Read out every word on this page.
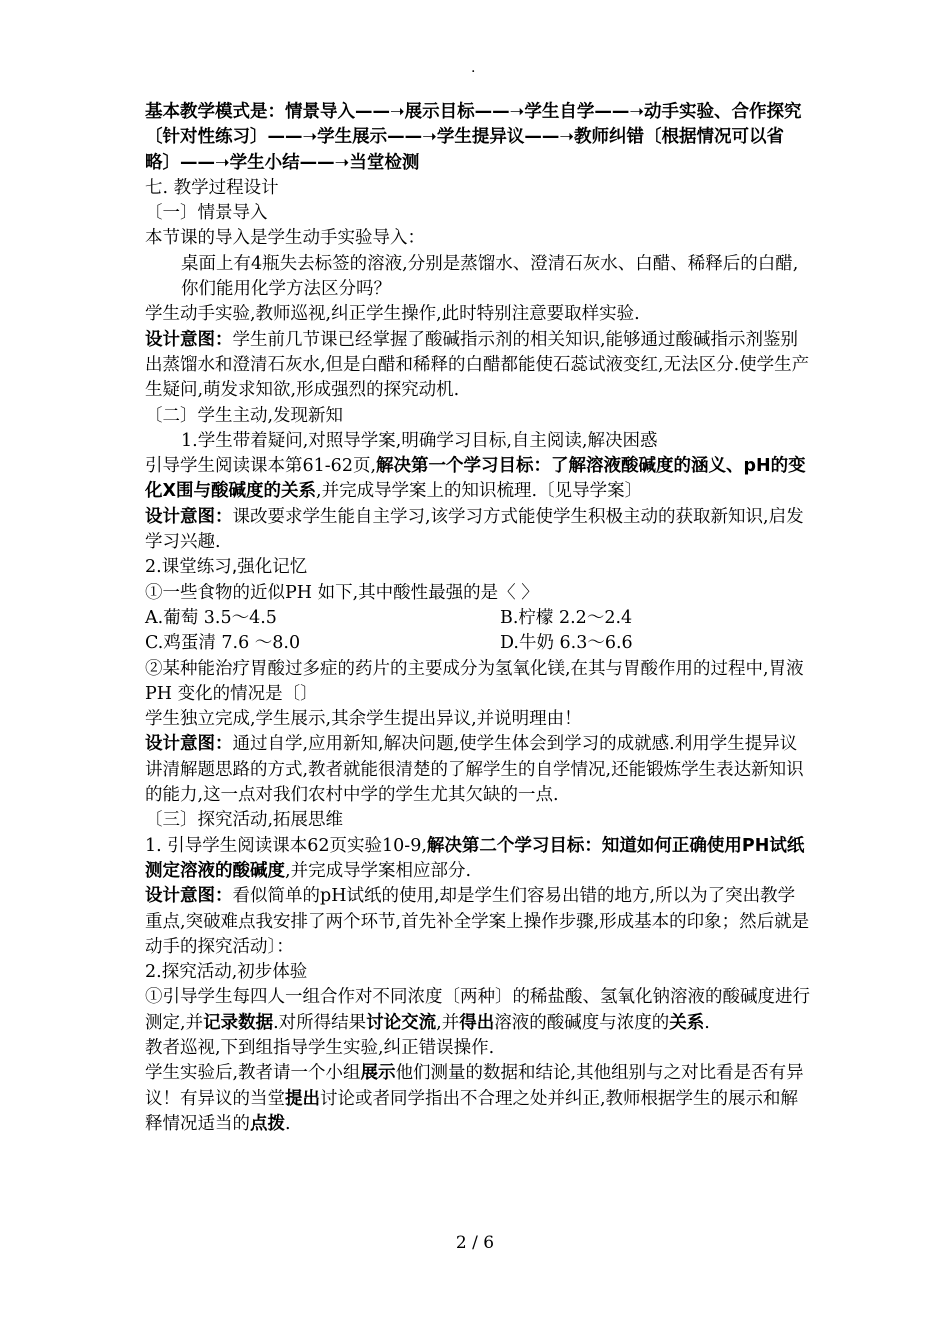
.
基本教学模式是：情景导入——➝展示目标——➝学生自学——➝动手实验、合作探究〔针对性练习〕——➝学生展示——➝学生提异议——➝教师纠错〔根据情况可以省略〕——➝学生小结——➝当堂检测
七. 教学过程设计
〔一〕情景导入
本节课的导入是学生动手实验导入：
桌面上有4瓶失去标签的溶液,分别是蒸馏水、澄清石灰水、白醋、稀释后的白醋,你们能用化学方法区分吗？
学生动手实验,教师巡视,纠正学生操作,此时特别注意要取样实验.
设计意图：学生前几节课已经掌握了酸碱指示剂的相关知识,能够通过酸碱指示剂鉴别出蒸馏水和澄清石灰水,但是白醋和稀释的白醋都能使石蕊试液变红,无法区分.使学生产生疑问,萌发求知欲,形成强烈的探究动机.
〔二〕学生主动,发现新知
1.学生带着疑问,对照导学案,明确学习目标,自主阅读,解决困惑
引导学生阅读课本第61-62页,解决第一个学习目标：了解溶液酸碱度的涵义、pH的变化X围与酸碱度的关系,并完成导学案上的知识梳理.〔见导学案〕
设计意图：课改要求学生能自主学习,该学习方式能使学生积极主动的获取新知识,启发学习兴趣.
2.课堂练习,强化记忆
①一些食物的近似PH 如下,其中酸性最强的是〈 〉
A.葡萄 3.5～4.5	B.柠檬 2.2～2.4
C.鸡蛋清 7.6 ～8.0	D.牛奶 6.3～6.6
②某种能治疗胃酸过多症的药片的主要成分为氢氧化镁,在其与胃酸作用的过程中,胃液PH 变化的情况是〔〕
学生独立完成,学生展示,其余学生提出异议,并说明理由！
设计意图：通过自学,应用新知,解决问题,使学生体会到学习的成就感.利用学生提异议讲清解题思路的方式,教者就能很清楚的了解学生的自学情况,还能锻炼学生表达新知识的能力,这一点对我们农村中学的学生尤其欠缺的一点.
〔三〕探究活动,拓展思维
1. 引导学生阅读课本62页实验10-9,解决第二个学习目标：知道如何正确使用PH试纸测定溶液的酸碱度,并完成导学案相应部分.
设计意图：看似简单的pH试纸的使用,却是学生们容易出错的地方,所以为了突出教学重点,突破难点我安排了两个环节,首先补全学案上操作步骤,形成基本的印象；然后就是动手的探究活动〕：
2.探究活动,初步体验
①引导学生每四人一组合作对不同浓度〔两种〕的稀盐酸、氢氧化钠溶液的酸碱度进行测定,并记录数据.对所得结果讨论交流,并得出溶液的酸碱度与浓度的关系.
教者巡视,下到组指导学生实验,纠正错误操作.
学生实验后,教者请一个小组展示他们测量的数据和结论,其他组别与之对比看是否有异议！有异议的当堂提出讨论或者同学指出不合理之处并纠正,教师根据学生的展示和解释情况适当的点拨.
2 / 6
